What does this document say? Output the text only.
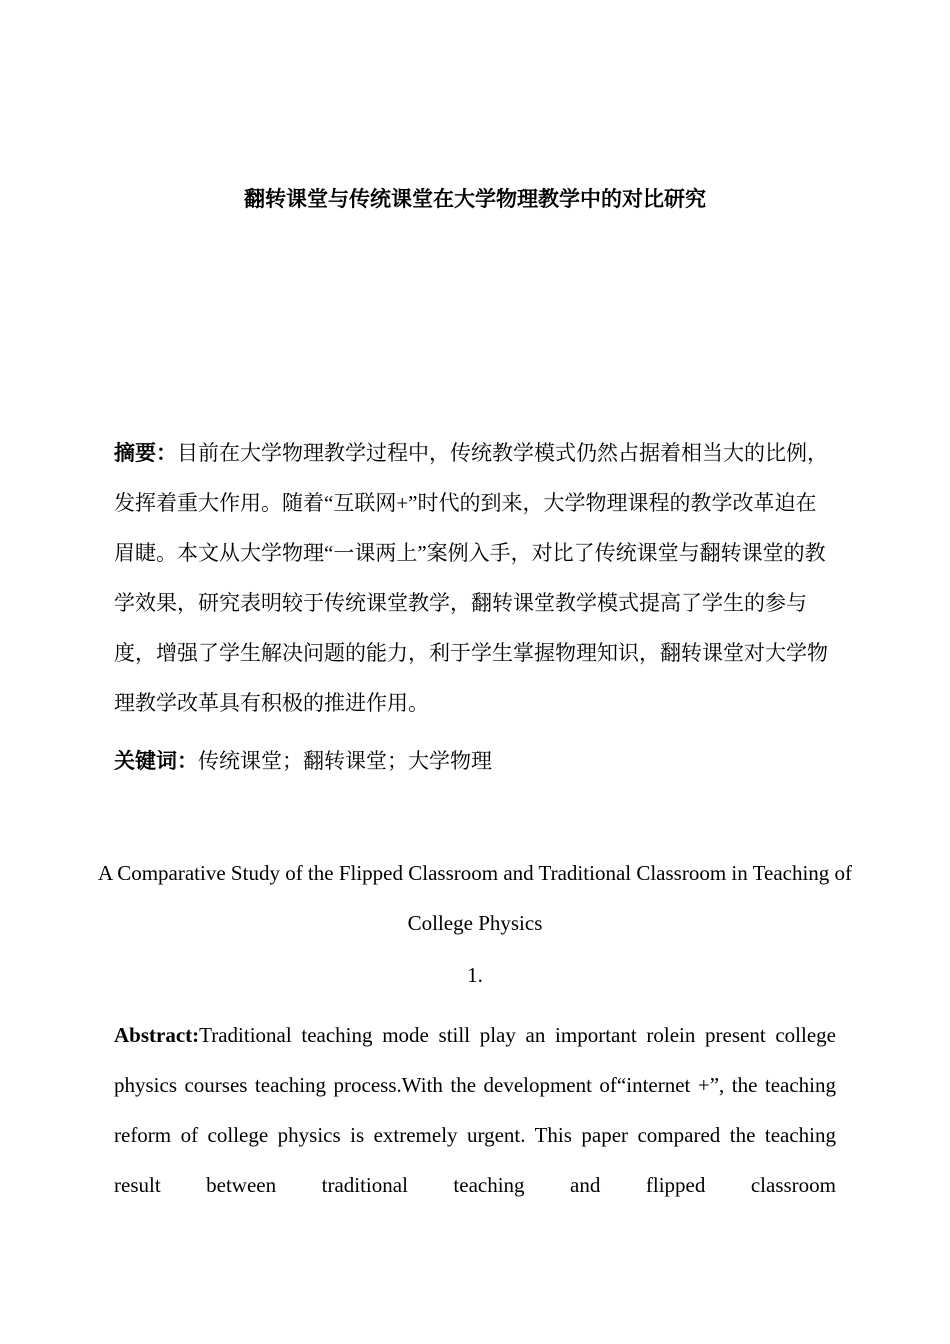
翻转课堂与传统课堂在大学物理教学中的对比研究

摘要：目前在大学物理教学过程中，传统教学模式仍然占据着相当大的比例，发挥着重大作用。随着“互联网+”时代的到来，大学物理课程的教学改革迫在眉睫。本文从大学物理“一课两上”案例入手，对比了传统课堂与翻转课堂的教学效果，研究表明较于传统课堂教学，翻转课堂教学模式提高了学生的参与度，增强了学生解决问题的能力，利于学生掌握物理知识，翻转课堂对大学物理教学改革具有积极的推进作用。

关键词：传统课堂；翻转课堂；大学物理

A Comparative Study of the Flipped Classroom and Traditional Classroom in Teaching of College Physics

1.

Abstract:Traditional teaching mode still play an important rolein present college physics courses teaching process.With the development of“internet +”, the teaching reform of college physics is extremely urgent. This paper compared the teaching result between traditional teaching and flipped classroom
